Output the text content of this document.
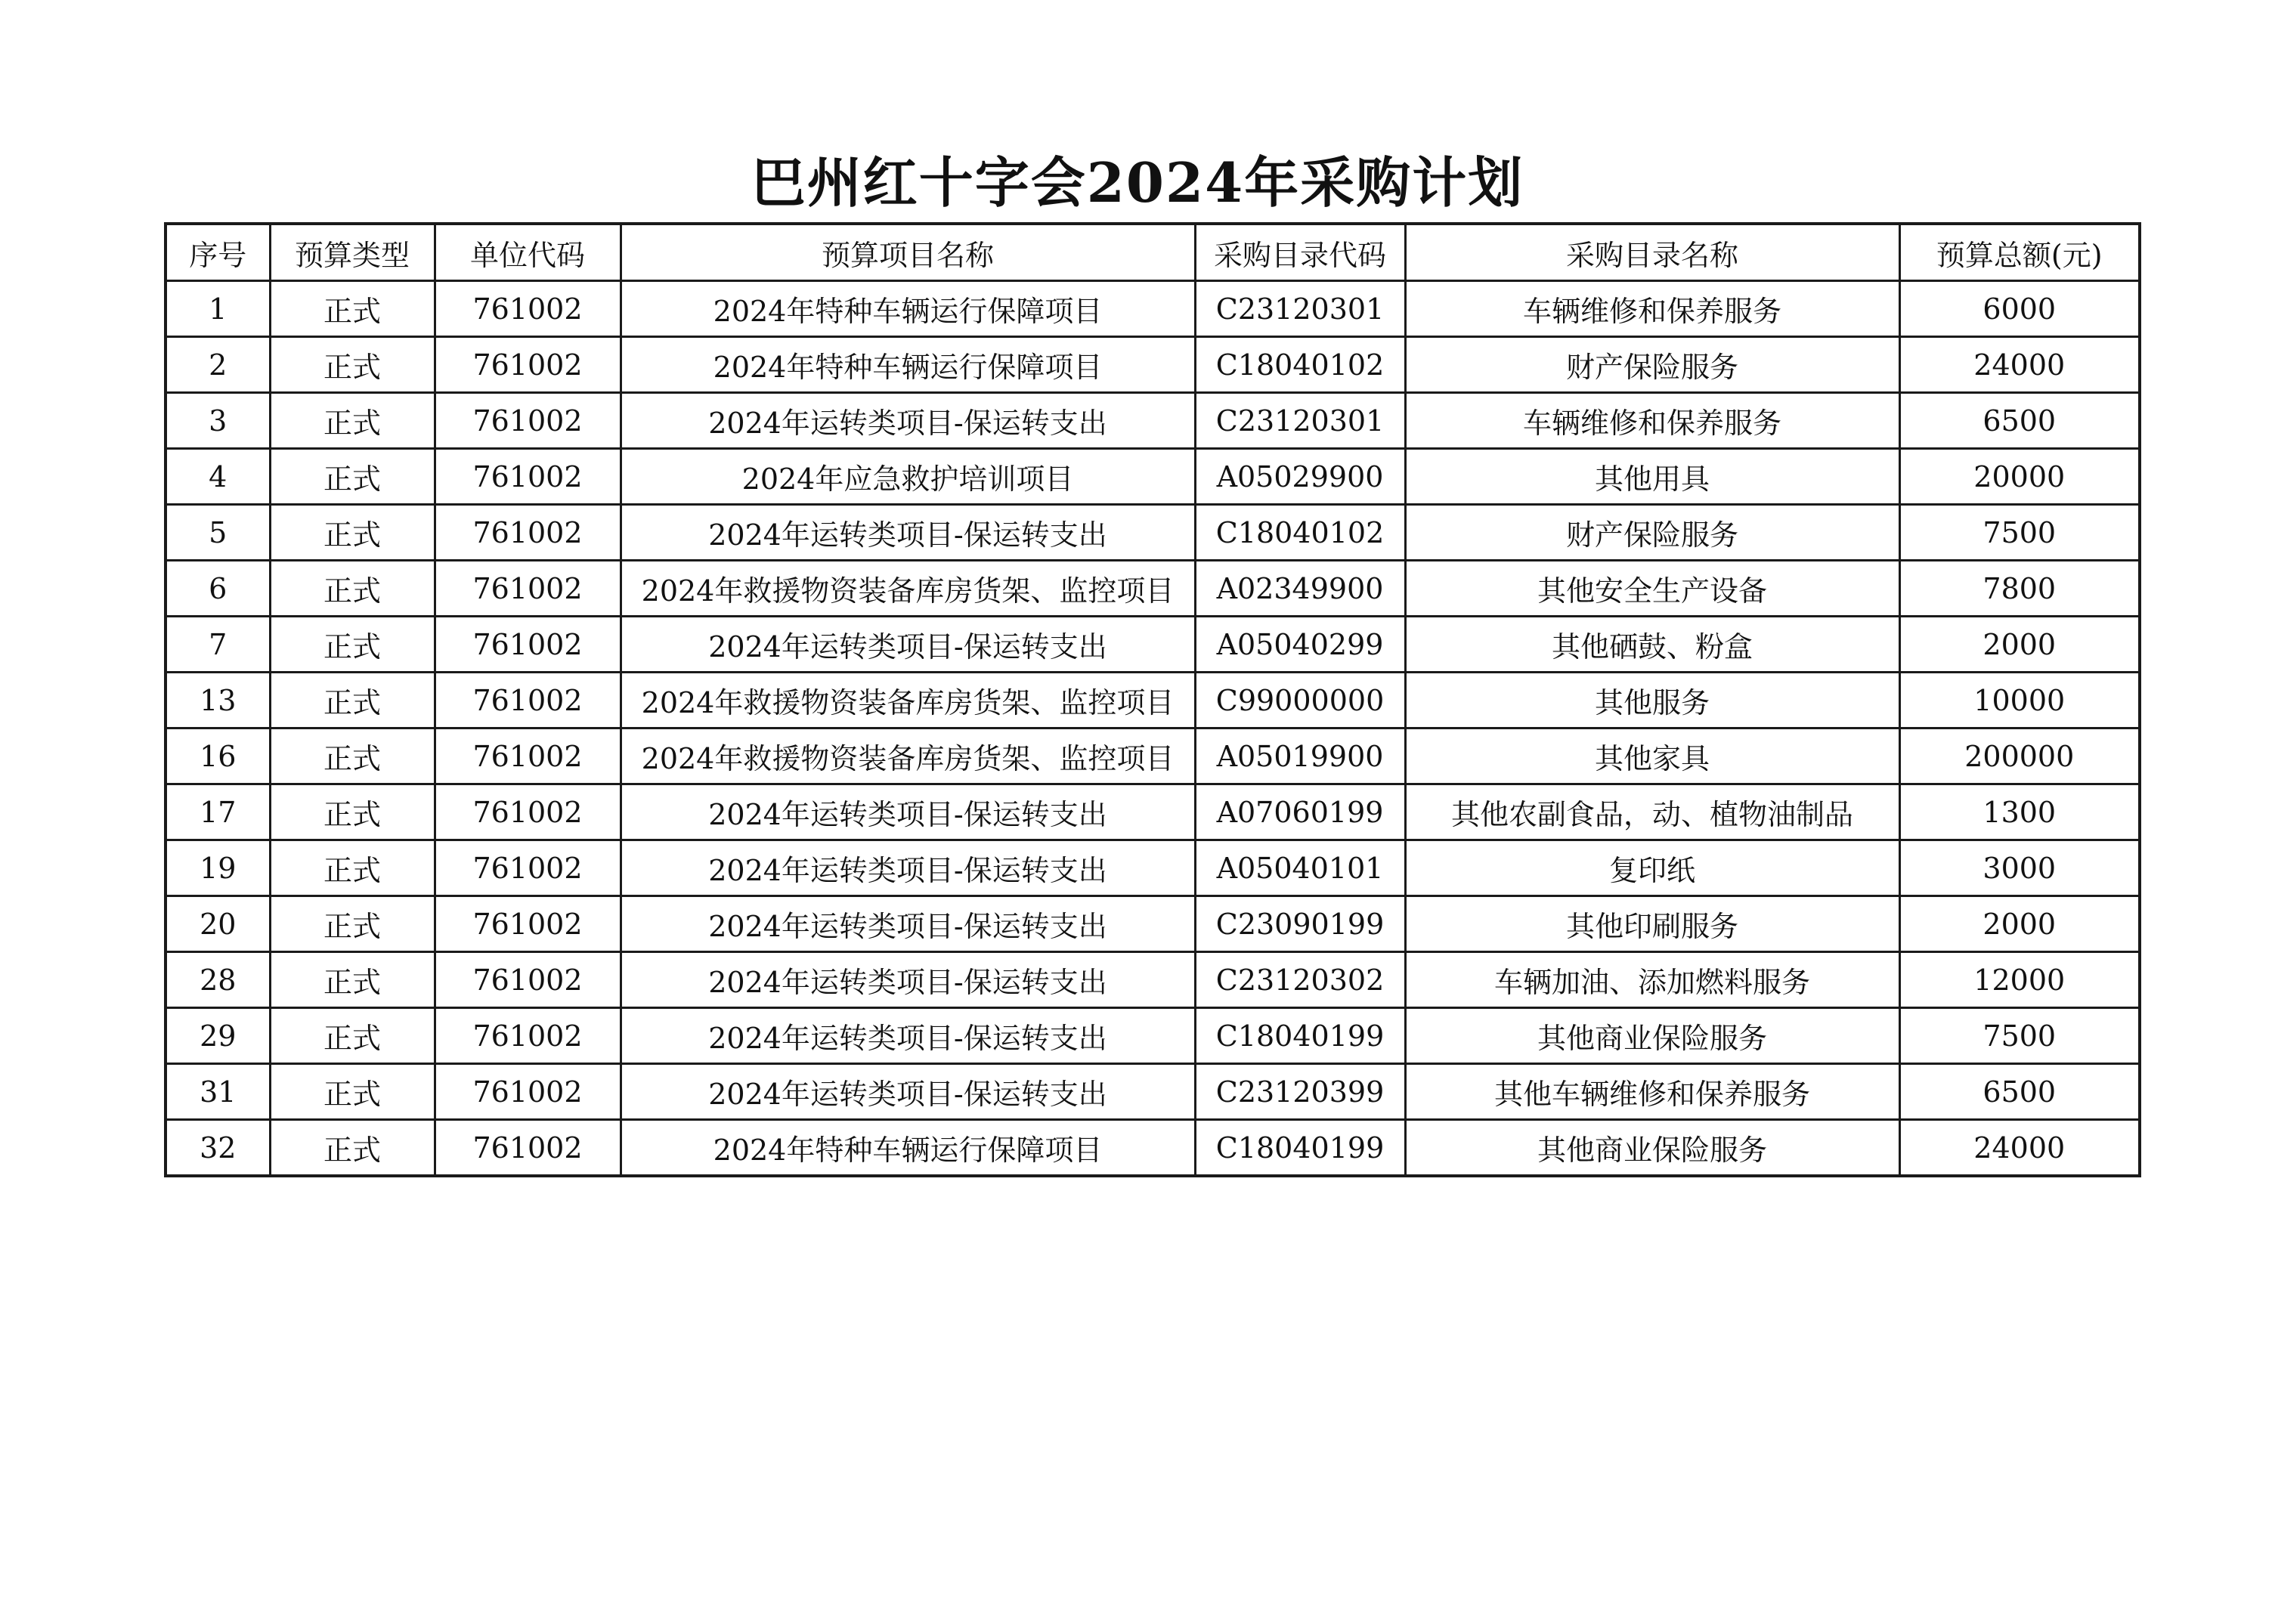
巴州红十字会2024年采购计划
序号	预算类型	单位代码	预算项目名称	采购目录代码	采购目录名称	预算总额(元)
1	正式	761002	2024年特种车辆运行保障项目	C23120301	车辆维修和保养服务	6000
2	正式	761002	2024年特种车辆运行保障项目	C18040102	财产保险服务	24000
3	正式	761002	2024年运转类项目-保运转支出	C23120301	车辆维修和保养服务	6500
4	正式	761002	2024年应急救护培训项目	A05029900	其他用具	20000
5	正式	761002	2024年运转类项目-保运转支出	C18040102	财产保险服务	7500
6	正式	761002	2024年救援物资装备库房货架、监控项目	A02349900	其他安全生产设备	7800
7	正式	761002	2024年运转类项目-保运转支出	A05040299	其他硒鼓、粉盒	2000
13	正式	761002	2024年救援物资装备库房货架、监控项目	C99000000	其他服务	10000
16	正式	761002	2024年救援物资装备库房货架、监控项目	A05019900	其他家具	200000
17	正式	761002	2024年运转类项目-保运转支出	A07060199	其他农副食品，动、植物油制品	1300
19	正式	761002	2024年运转类项目-保运转支出	A05040101	复印纸	3000
20	正式	761002	2024年运转类项目-保运转支出	C23090199	其他印刷服务	2000
28	正式	761002	2024年运转类项目-保运转支出	C23120302	车辆加油、添加燃料服务	12000
29	正式	761002	2024年运转类项目-保运转支出	C18040199	其他商业保险服务	7500
31	正式	761002	2024年运转类项目-保运转支出	C23120399	其他车辆维修和保养服务	6500
32	正式	761002	2024年特种车辆运行保障项目	C18040199	其他商业保险服务	24000
